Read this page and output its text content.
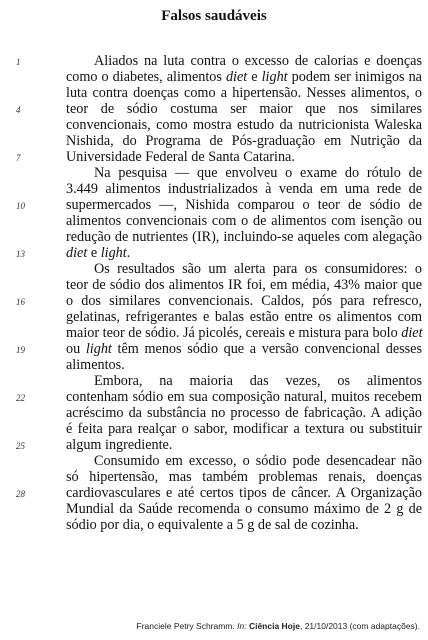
Falsos saudáveis
1
4
7
10
13
16
19
22
25
28
Aliados na luta contra o excesso de calorias e doenças
como o diabetes, alimentos diet e light podem ser inimigos na
luta contra doenças como a hipertensão. Nesses alimentos, o
teor de sódio costuma ser maior que nos similares
convencionais, como mostra estudo da nutricionista Waleska
Nishida, do Programa de Pós-graduação em Nutrição da
Universidade Federal de Santa Catarina.
Na pesquisa — que envolveu o exame do rótulo de
3.449 alimentos industrializados à venda em uma rede de
supermercados —, Nishida comparou o teor de sódio de
alimentos convencionais com o de alimentos com isenção ou
redução de nutrientes (IR), incluindo-se aqueles com alegação
diet e light.
Os resultados são um alerta para os consumidores: o
teor de sódio dos alimentos IR foi, em média, 43% maior que
o dos similares convencionais. Caldos, pós para refresco,
gelatinas, refrigerantes e balas estão entre os alimentos com
maior teor de sódio. Já picolés, cereais e mistura para bolo diet
ou light têm menos sódio que a versão convencional desses
alimentos.
Embora, na maioria das vezes, os alimentos
contenham sódio em sua composição natural, muitos recebem
acréscimo da substância no processo de fabricação. A adição
é feita para realçar o sabor, modificar a textura ou substituir
algum ingrediente.
Consumido em excesso, o sódio pode desencadear não
só hipertensão, mas também problemas renais, doenças
cardiovasculares e até certos tipos de câncer. A Organização
Mundial da Saúde recomenda o consumo máximo de 2 g de
sódio por dia, o equivalente a 5 g de sal de cozinha.
Franciele Petry Schramm. In: Ciência Hoje, 21/10/2013 (com adaptações).
